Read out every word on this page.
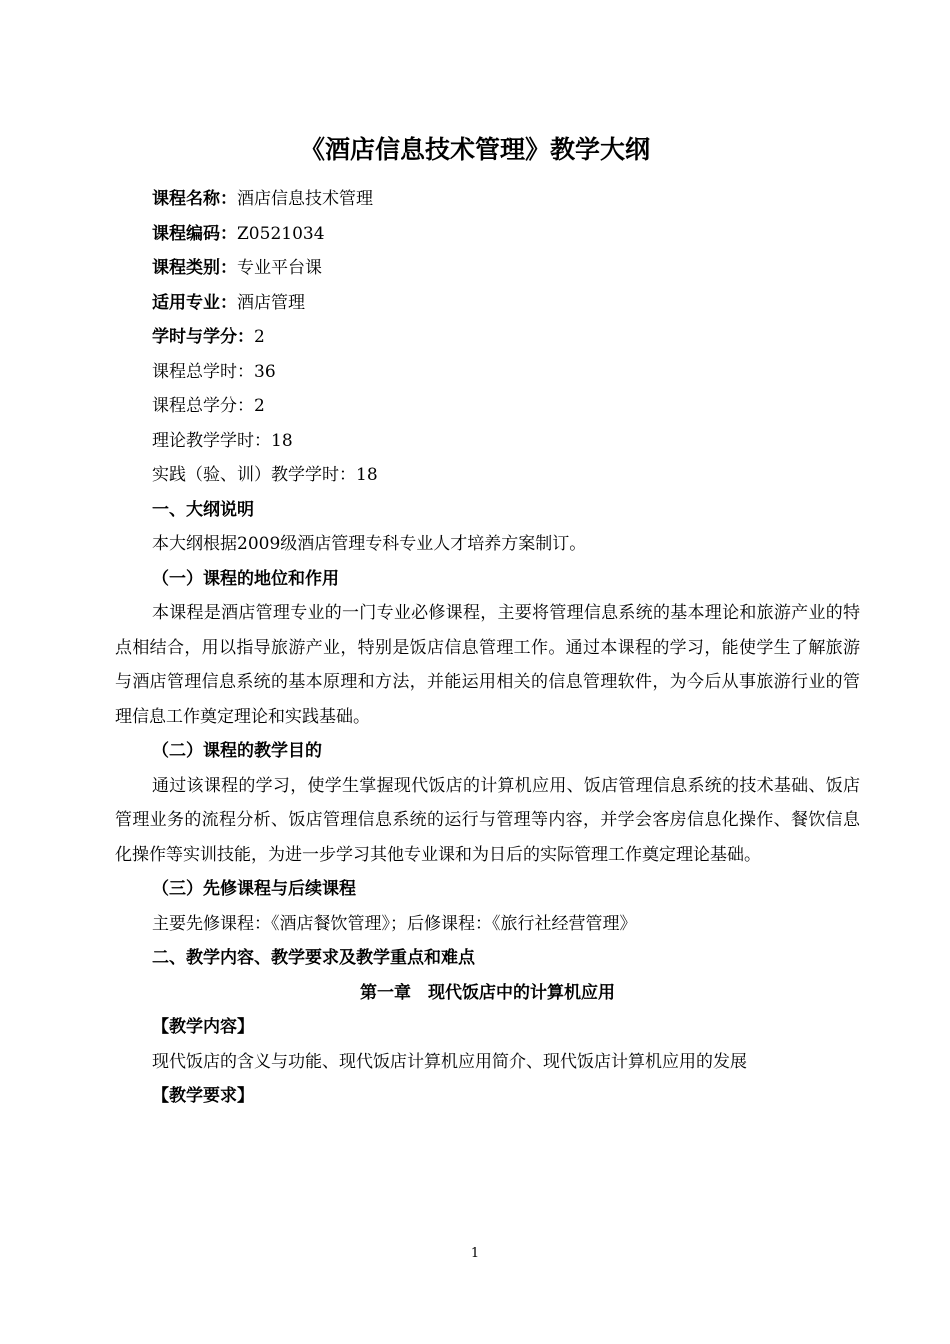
《酒店信息技术管理》教学大纲

课程名称：酒店信息技术管理

课程编码：Z0521034

课程类别：专业平台课

适用专业：酒店管理

学时与学分：2

课程总学时：36

课程总学分：2

理论教学学时：18

实践（验、训）教学学时：18

一、大纲说明

本大纲根据2009级酒店管理专科专业人才培养方案制订。

（一）课程的地位和作用

本课程是酒店管理专业的一门专业必修课程，主要将管理信息系统的基本理论和旅游产业的特点相结合，用以指导旅游产业，特别是饭店信息管理工作。通过本课程的学习，能使学生了解旅游与酒店管理信息系统的基本原理和方法，并能运用相关的信息管理软件，为今后从事旅游行业的管理信息工作奠定理论和实践基础。

（二）课程的教学目的

通过该课程的学习，使学生掌握现代饭店的计算机应用、饭店管理信息系统的技术基础、饭店管理业务的流程分析、饭店管理信息系统的运行与管理等内容，并学会客房信息化操作、餐饮信息化操作等实训技能，为进一步学习其他专业课和为日后的实际管理工作奠定理论基础。

（三）先修课程与后续课程

主要先修课程：《酒店餐饮管理》；后修课程：《旅行社经营管理》

二、教学内容、教学要求及教学重点和难点

第一章　现代饭店中的计算机应用

【教学内容】

现代饭店的含义与功能、现代饭店计算机应用简介、现代饭店计算机应用的发展

【教学要求】

1
